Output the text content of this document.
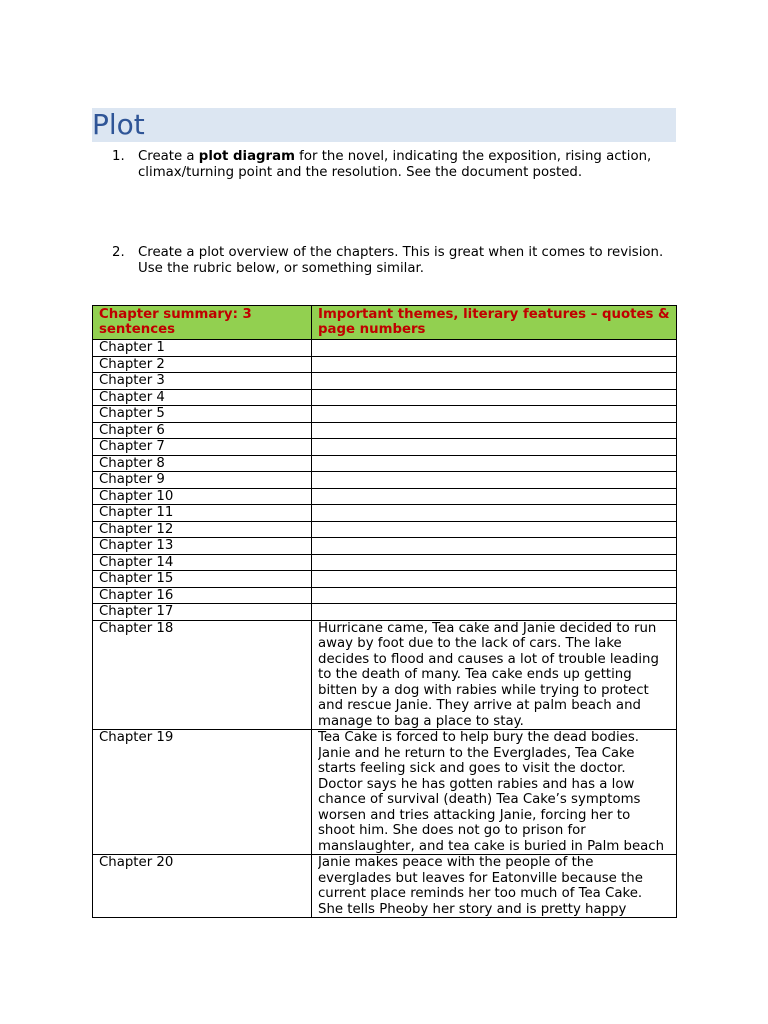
Plot
1.	Create a plot diagram for the novel, indicating the exposition, rising action, climax/turning point and the resolution. See the document posted.
2.	Create a plot overview of the chapters. This is great when it comes to revision. Use the rubric below, or something similar.
Chapter summary: 3 sentences	Important themes, literary features – quotes & page numbers
Chapter 1	

Chapter 2	

Chapter 3	

Chapter 4	

Chapter 5	

Chapter 6	

Chapter 7	

Chapter 8	

Chapter 9	

Chapter 10	

Chapter 11	

Chapter 12	

Chapter 13	

Chapter 14	

Chapter 15	

Chapter 16	

Chapter 17	

Chapter 18	Hurricane came, Tea cake and Janie decided to run away by foot due to the lack of cars. The lake decides to flood and causes a lot of trouble leading to the death of many. Tea cake ends up getting bitten by a dog with rabies while trying to protect and rescue Janie. They arrive at palm beach and manage to bag a place to stay.

Chapter 19	Tea Cake is forced to help bury the dead bodies. Janie and he return to the Everglades, Tea Cake starts feeling sick and goes to visit the doctor. Doctor says he has gotten rabies and has a low chance of survival (death) Tea Cake’s symptoms worsen and tries attacking Janie, forcing her to shoot him. She does not go to prison for manslaughter, and tea cake is buried in Palm beach

Chapter 20	Janie makes peace with the people of the everglades but leaves for Eatonville because the current place reminds her too much of Tea Cake. She tells Pheoby her story and is pretty happy
